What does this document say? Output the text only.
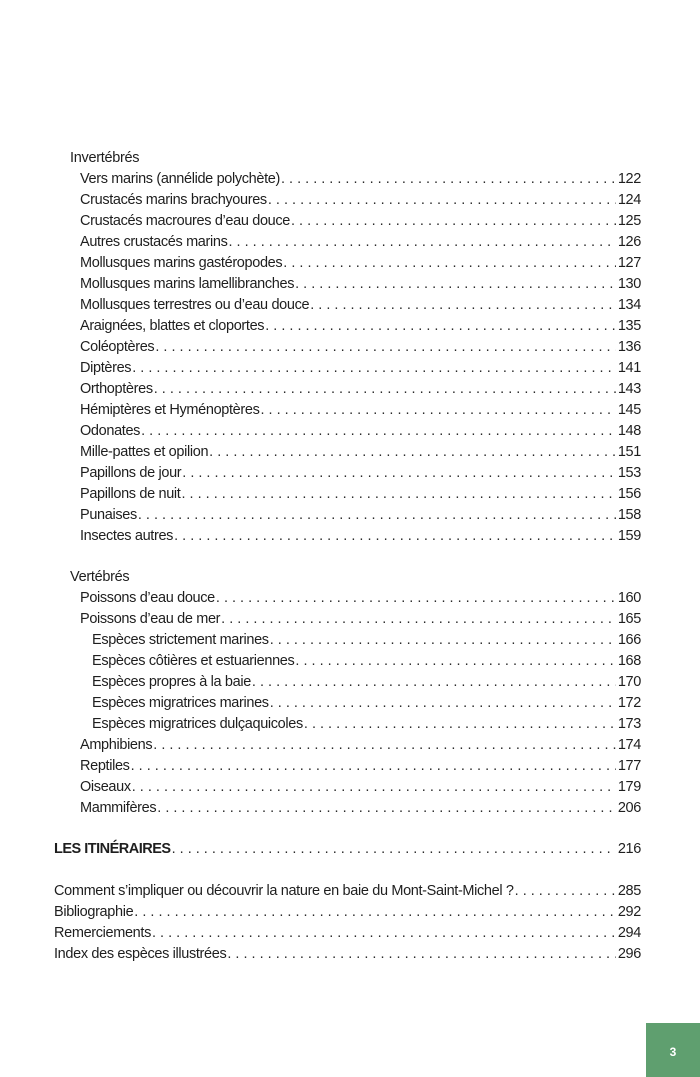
Invertébrés
Vers marins (annélide polychète) . . .	122
Crustacés marins brachyoures . . .	124
Crustacés macroures d’eau douce . . .	125
Autres crustacés marins . . .	126
Mollusques marins gastéropodes . . .	127
Mollusques marins lamellibranches . . .	130
Mollusques terrestres ou d’eau douce . . .	134
Araignées, blattes et cloportes . . .	135
Coléoptères . . .	136
Diptères . . .	141
Orthoptères . . .	143
Hémiptères et Hyménoptères . . .	145
Odonates . . .	148
Mille-pattes et opilion . . .	151
Papillons de jour . . .	153
Papillons de nuit . . .	156
Punaises . . .	158
Insectes autres . . .	159
Vertébrés
Poissons d’eau douce . . .	160
Poissons d’eau de mer . . .	165
Espèces strictement marines . . .	166
Espèces côtières et estuariennes . . .	168
Espèces propres à la baie . . .	170
Espèces migratrices marines . . .	172
Espèces migratrices dulçaquicoles . . .	173
Amphibiens . . .	174
Reptiles . . .	177
Oiseaux . . .	179
Mammifères . . .	206
LES ITINÉRAIRES . . .	216
Comment s’impliquer ou découvrir la nature en baie du Mont-Saint-Michel ? . . .	285
Bibliographie . . .	292
Remerciements . . .	294
Index des espèces illustrées . . .	296
3
